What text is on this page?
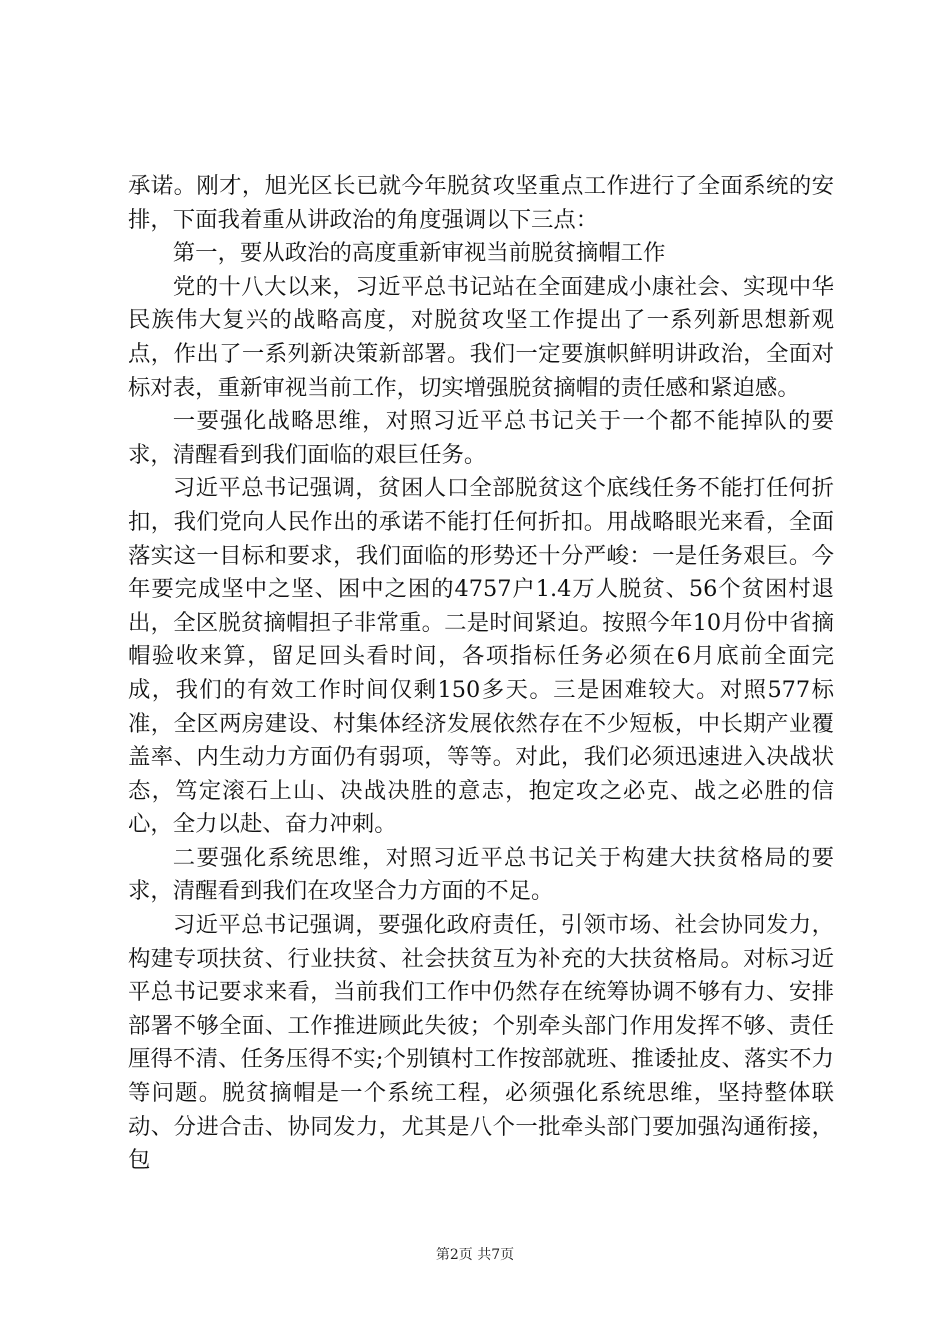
承诺。刚才，旭光区长已就今年脱贫攻坚重点工作进行了全面系统的安排，下面我着重从讲政治的角度强调以下三点：

第一，要从政治的高度重新审视当前脱贫摘帽工作

党的十八大以来，习近平总书记站在全面建成小康社会、实现中华民族伟大复兴的战略高度，对脱贫攻坚工作提出了一系列新思想新观点，作出了一系列新决策新部署。我们一定要旗帜鲜明讲政治，全面对标对表，重新审视当前工作，切实增强脱贫摘帽的责任感和紧迫感。

一要强化战略思维，对照习近平总书记关于一个都不能掉队的要求，清醒看到我们面临的艰巨任务。

习近平总书记强调，贫困人口全部脱贫这个底线任务不能打任何折扣，我们党向人民作出的承诺不能打任何折扣。用战略眼光来看，全面落实这一目标和要求，我们面临的形势还十分严峻：一是任务艰巨。今年要完成坚中之坚、困中之困的4757户1.4万人脱贫、56个贫困村退出，全区脱贫摘帽担子非常重。二是时间紧迫。按照今年10月份中省摘帽验收来算，留足回头看时间，各项指标任务必须在6月底前全面完成，我们的有效工作时间仅剩150多天。三是困难较大。对照577标准，全区两房建设、村集体经济发展依然存在不少短板，中长期产业覆盖率、内生动力方面仍有弱项，等等。对此，我们必须迅速进入决战状态，笃定滚石上山、决战决胜的意志，抱定攻之必克、战之必胜的信心，全力以赴、奋力冲刺。

二要强化系统思维，对照习近平总书记关于构建大扶贫格局的要求，清醒看到我们在攻坚合力方面的不足。

习近平总书记强调，要强化政府责任，引领市场、社会协同发力，构建专项扶贫、行业扶贫、社会扶贫互为补充的大扶贫格局。对标习近平总书记要求来看，当前我们工作中仍然存在统筹协调不够有力、安排部署不够全面、工作推进顾此失彼；个别牵头部门作用发挥不够、责任厘得不清、任务压得不实;个别镇村工作按部就班、推诿扯皮、落实不力等问题。脱贫摘帽是一个系统工程，必须强化系统思维，坚持整体联动、分进合击、协同发力，尤其是八个一批牵头部门要加强沟通衔接，包

第2页 共7页
